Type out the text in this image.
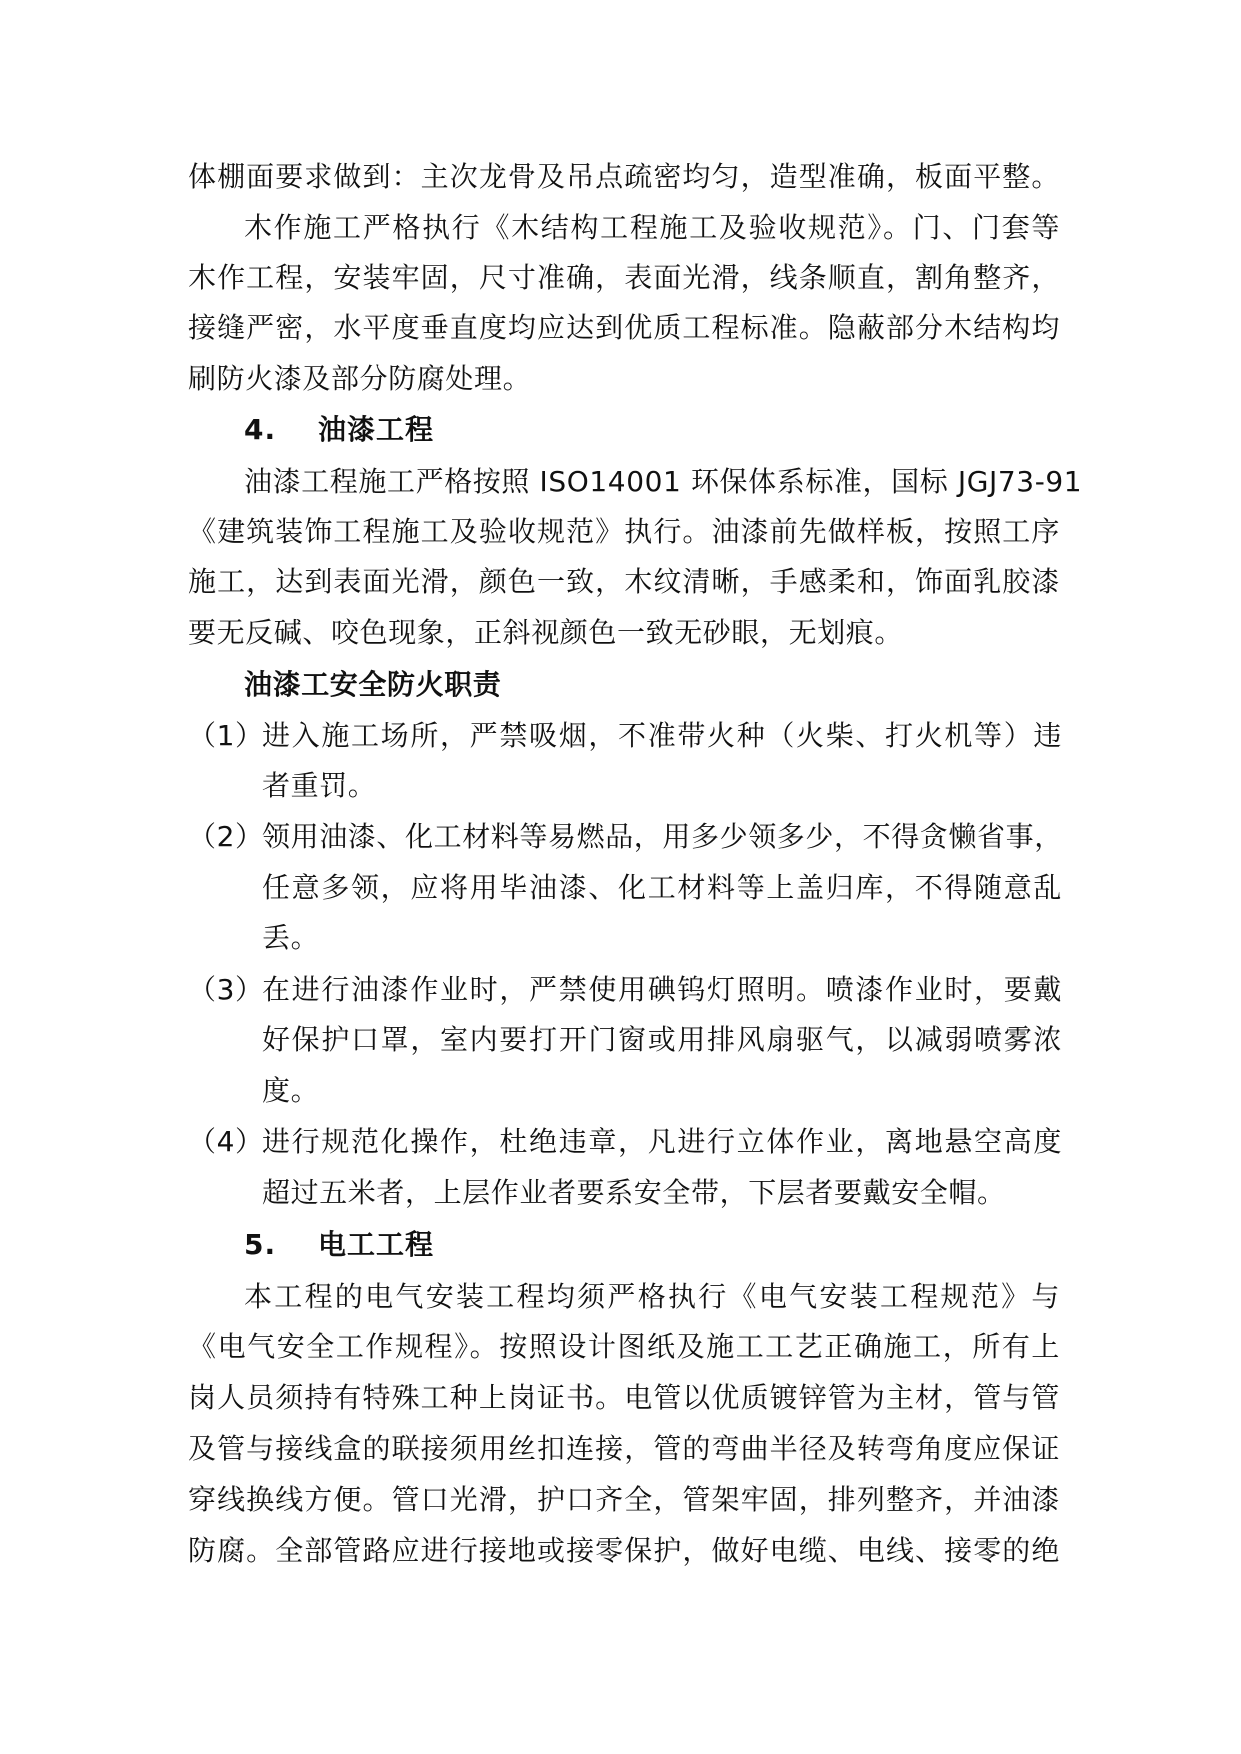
体棚面要求做到：主次龙骨及吊点疏密均匀，造型准确，板面平整。
木作施工严格执行《木结构工程施工及验收规范》。门、门套等
木作工程，安装牢固，尺寸准确，表面光滑，线条顺直，割角整齐，
接缝严密，水平度垂直度均应达到优质工程标准。隐蔽部分木结构均
刷防火漆及部分防腐处理。
4. 油漆工程
油漆工程施工严格按照 ISO14001 环保体系标准，国标 JGJ73-91
《建筑装饰工程施工及验收规范》执行。油漆前先做样板，按照工序
施工，达到表面光滑，颜色一致，木纹清晰，手感柔和，饰面乳胶漆
要无反碱、咬色现象，正斜视颜色一致无砂眼，无划痕。
油漆工安全防火职责
（1）
进入施工场所，严禁吸烟，不准带火种（火柴、打火机等）违
者重罚。
（2）
领用油漆、化工材料等易燃品，用多少领多少，不得贪懒省事，
任意多领，应将用毕油漆、化工材料等上盖归库，不得随意乱
丢。
（3）
在进行油漆作业时，严禁使用碘钨灯照明。喷漆作业时，要戴
好保护口罩，室内要打开门窗或用排风扇驱气，以减弱喷雾浓
度。
（4）
进行规范化操作，杜绝违章，凡进行立体作业，离地悬空高度
超过五米者，上层作业者要系安全带，下层者要戴安全帽。
5. 电工工程
本工程的电气安装工程均须严格执行《电气安装工程规范》与
《电气安全工作规程》。按照设计图纸及施工工艺正确施工，所有上
岗人员须持有特殊工种上岗证书。电管以优质镀锌管为主材，管与管
及管与接线盒的联接须用丝扣连接，管的弯曲半径及转弯角度应保证
穿线换线方便。管口光滑，护口齐全，管架牢固，排列整齐，并油漆
防腐。全部管路应进行接地或接零保护，做好电缆、电线、接零的绝
